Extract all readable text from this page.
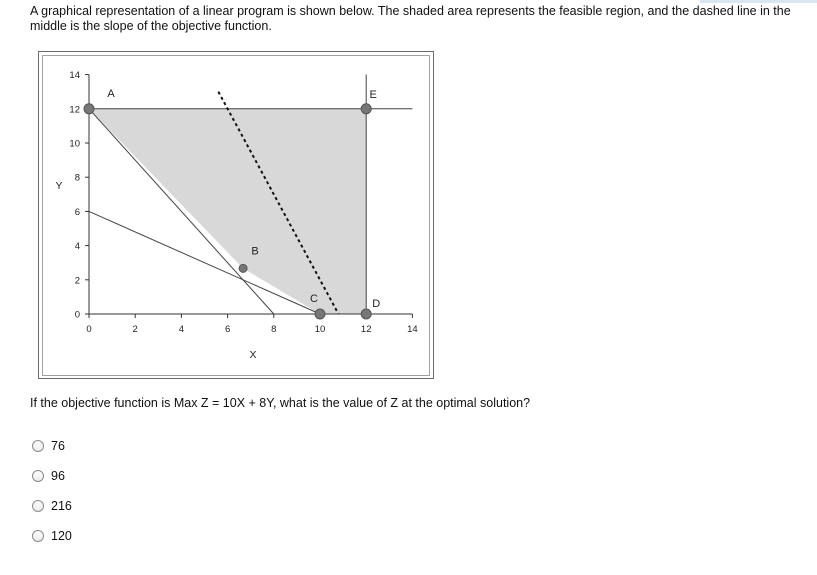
A graphical representation of a linear program is shown below. The shaded area represents the feasible region, and the dashed line in the middle is the slope of the objective function.

0	2	4	6	8	10	12	14
0
2
4
6
8
10
12
14
X
Y
A
B
C	D
E

If the objective function is Max Z = 10X + 8Y, what is the value of Z at the optimal solution?

76
96
216
120
